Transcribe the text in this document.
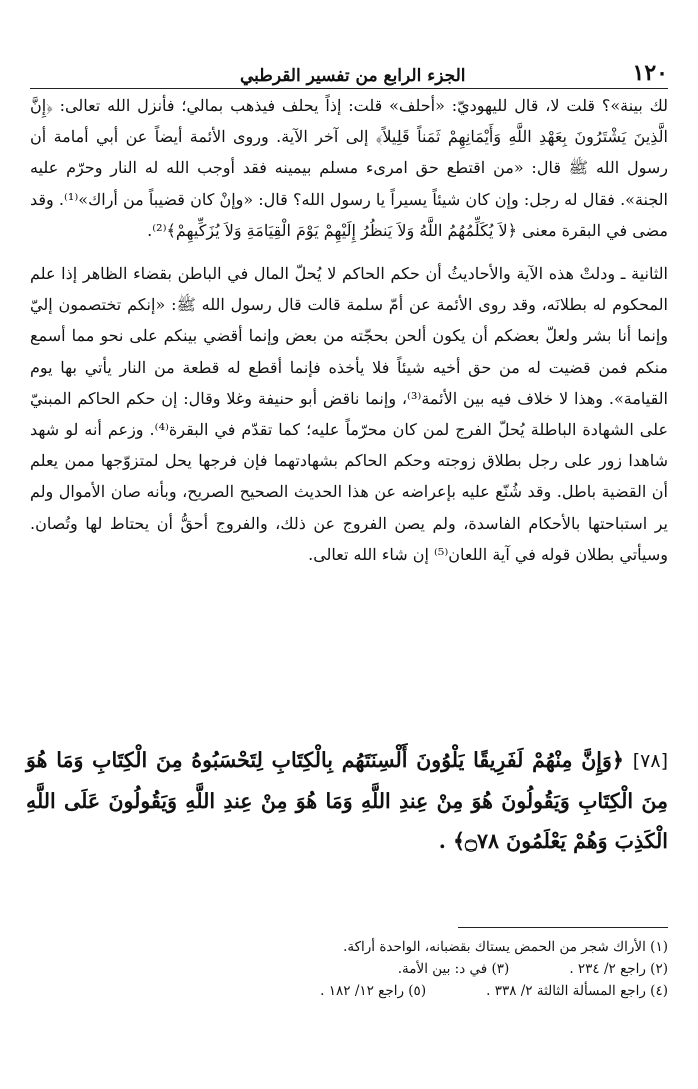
١٢٠
الجزء الرابع من تفسير القرطبي

لك بينة»؟ قلت لا، قال لليهوديّ: «أحلف» قلت: إذاً يحلف فيذهب بمالي؛ فأنزل الله تعالى: ﴿إِنَّ الَّذِينَ يَشْتَرُونَ بِعَهْدِ اللَّهِ وَأَيْمَانِهِمْ ثَمَناً قَلِيلاً﴾ إلى آخر الآية. وروى الأئمة أيضاً عن أبي أمامة أن رسول الله ﷺ قال: «من اقتطع حق امرىء مسلم بيمينه فقد أوجب الله له النار وحرّم عليه الجنة». فقال له رجل: وإن كان شيئاً يسيراً يا رسول الله؟ قال: «وإنْ كان قضيباً من أراك»⁽¹⁾. وقد مضى في البقرة معنى ﴿لاَ يُكَلِّمُهُمُ اللَّهُ وَلاَ يَنظُرُ إِلَيْهِمْ يَوْمَ الْقِيَامَةِ وَلاَ يُزَكِّيهِمْ﴾⁽²⁾.

الثانية ـ ودلتْ هذه الآية والأحاديثُ أن حكم الحاكم لا يُحلّ المال في الباطن بقضاء الظاهر إذا علم المحكوم له بطلانَه، وقد روى الأئمة عن أمّ سلمة قالت قال رسول الله ﷺ: «إنكم تختصمون إليّ وإنما أنا بشر ولعلّ بعضكم أن يكون ألحن بحجّته من بعض وإنما أقضي بينكم على نحو مما أسمع منكم فمن قضيت له من حق أخيه شيئاً فلا يأخذه فإنما أقطع له قطعة من النار يأتي بها يوم القيامة». وهذا لا خلاف فيه بين الأئمة⁽³⁾، وإنما ناقض أبو حنيفة وغلا وقال: إن حكم الحاكم المبنيّ على الشهادة الباطلة يُحلّ الفرج لمن كان محرّماً عليه؛ كما تقدّم في البقرة⁽⁴⁾. وزعم أنه لو شهد شاهدا زور على رجل بطلاق زوجته وحكم الحاكم بشهادتهما فإن فرجها يحل لمتزوّجها ممن يعلم أن القضية باطل. وقد شُنّع عليه بإعراضه عن هذا الحديث الصحيح الصريح، وبأنه صان الأموال ولم ير استباحتها بالأحكام الفاسدة، ولم يصن الفروج عن ذلك، والفروج أحقُّ أن يحتاط لها وتُصان. وسيأتي بطلان قوله في آية اللعان⁽⁵⁾ إن شاء الله تعالى.

[٧٨] ﴿وَإِنَّ مِنْهُمْ لَفَرِيقًا يَلْوُونَ أَلْسِنَتَهُم بِالْكِتَابِ لِتَحْسَبُوهُ مِنَ الْكِتَابِ وَمَا هُوَ مِنَ الْكِتَابِ وَيَقُولُونَ هُوَ مِنْ عِندِ اللَّهِ وَمَا هُوَ مِنْ عِندِ اللَّهِ وَيَقُولُونَ عَلَى اللَّهِ الْكَذِبَ وَهُمْ يَعْلَمُونَ ۝٧٨﴾ .
(١) الأراك شجر من الحمض يستاك بقضبانه، الواحدة أراكة.
(٢) راجع ٢/ ٢٣٤ .
(٣) في د: بين الأمة.
(٤) راجع المسألة الثالثة ٢/ ٣٣٨ .
(٥) راجع ١٢/ ١٨٢ .
